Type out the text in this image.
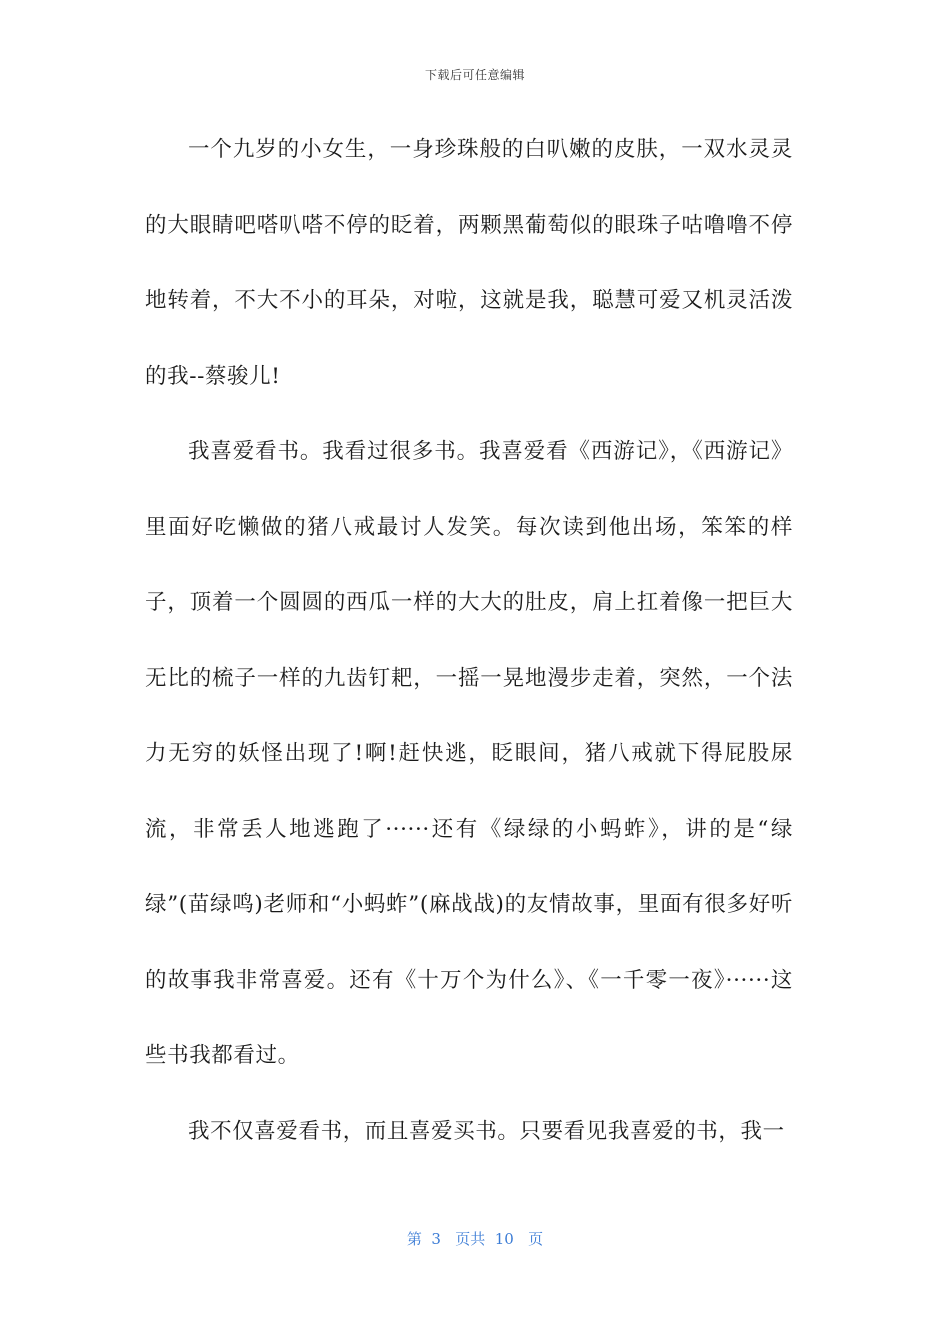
下载后可任意编辑

一个九岁的小女生，一身珍珠般的白叭嫩的皮肤，一双水灵灵的大眼睛吧嗒叭嗒不停的眨着，两颗黑葡萄似的眼珠子咕噜噜不停地转着，不大不小的耳朵，对啦，这就是我，聪慧可爱又机灵活泼的我--蔡骏儿!

我喜爱看书。我看过很多书。我喜爱看《西游记》，《西游记》里面好吃懒做的猪八戒最讨人发笑。每次读到他出场，笨笨的样子，顶着一个圆圆的西瓜一样的大大的肚皮，肩上扛着像一把巨大无比的梳子一样的九齿钉耙，一摇一晃地漫步走着，突然，一个法力无穷的妖怪出现了!啊!赶快逃，眨眼间，猪八戒就下得屁股尿流，非常丢人地逃跑了······还有《绿绿的小蚂蚱》，讲的是“绿绿”(苗绿鸣)老师和“小蚂蚱”(麻战战)的友情故事，里面有很多好听的故事我非常喜爱。还有《十万个为什么》、《一千零一夜》······这些书我都看过。

我不仅喜爱看书，而且喜爱买书。只要看见我喜爱的书，我一

第  3   页共  10   页
